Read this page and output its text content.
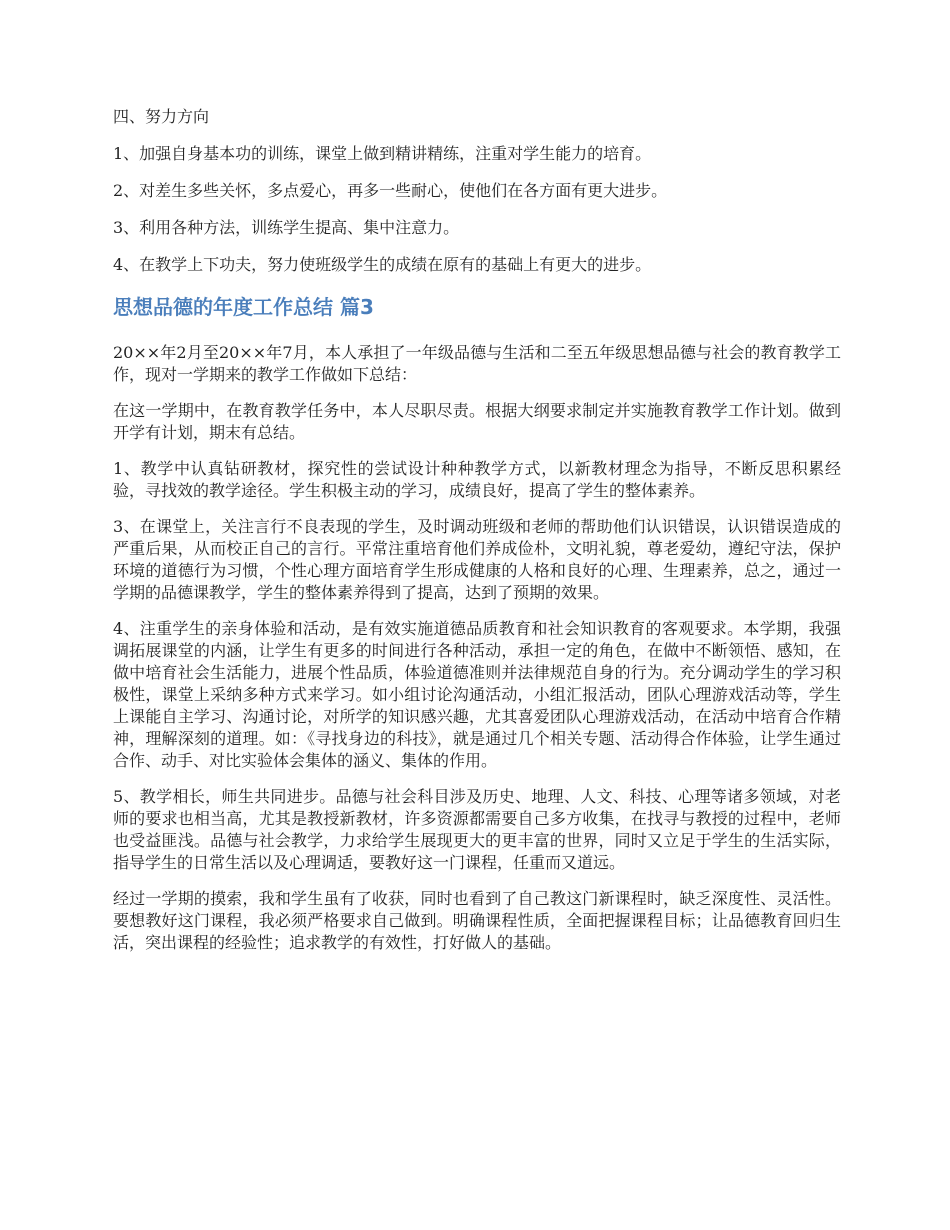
四、努力方向

1、加强自身基本功的训练，课堂上做到精讲精练，注重对学生能力的培育。

2、对差生多些关怀，多点爱心，再多一些耐心，使他们在各方面有更大进步。

3、利用各种方法，训练学生提高、集中注意力。

4、在教学上下功夫，努力使班级学生的成绩在原有的基础上有更大的进步。

思想品德的年度工作总结 篇3

20××年2月至20××年7月，本人承担了一年级品德与生活和二至五年级思想品德与社会的教育教学工作，现对一学期来的教学工作做如下总结：

在这一学期中，在教育教学任务中，本人尽职尽责。根据大纲要求制定并实施教育教学工作计划。做到开学有计划，期末有总结。

1、教学中认真钻研教材，探究性的尝试设计种种教学方式，以新教材理念为指导，不断反思积累经验，寻找效的教学途径。学生积极主动的学习，成绩良好，提高了学生的整体素养。

3、在课堂上，关注言行不良表现的学生，及时调动班级和老师的帮助他们认识错误，认识错误造成的严重后果，从而校正自己的言行。平常注重培育他们养成俭朴，文明礼貌，尊老爱幼，遵纪守法，保护环境的道德行为习惯，个性心理方面培育学生形成健康的人格和良好的心理、生理素养，总之，通过一学期的品德课教学，学生的整体素养得到了提高，达到了预期的效果。

4、注重学生的亲身体验和活动，是有效实施道德品质教育和社会知识教育的客观要求。本学期，我强调拓展课堂的内涵，让学生有更多的时间进行各种活动，承担一定的角色，在做中不断领悟、感知，在做中培育社会生活能力，进展个性品质，体验道德准则并法律规范自身的行为。充分调动学生的学习积极性，课堂上采纳多种方式来学习。如小组讨论沟通活动，小组汇报活动，团队心理游戏活动等，学生上课能自主学习、沟通讨论，对所学的知识感兴趣，尤其喜爱团队心理游戏活动，在活动中培育合作精神，理解深刻的道理。如：《寻找身边的科技》，就是通过几个相关专题、活动得合作体验，让学生通过合作、动手、对比实验体会集体的涵义、集体的作用。

5、教学相长，师生共同进步。品德与社会科目涉及历史、地理、人文、科技、心理等诸多领域，对老师的要求也相当高，尤其是教授新教材，许多资源都需要自己多方收集，在找寻与教授的过程中，老师也受益匪浅。品德与社会教学，力求给学生展现更大的更丰富的世界，同时又立足于学生的生活实际，指导学生的日常生活以及心理调适，要教好这一门课程，任重而又道远。

经过一学期的摸索，我和学生虽有了收获，同时也看到了自己教这门新课程时，缺乏深度性、灵活性。要想教好这门课程，我必须严格要求自己做到。明确课程性质，全面把握课程目标；让品德教育回归生活，突出课程的经验性；追求教学的有效性，打好做人的基础。
